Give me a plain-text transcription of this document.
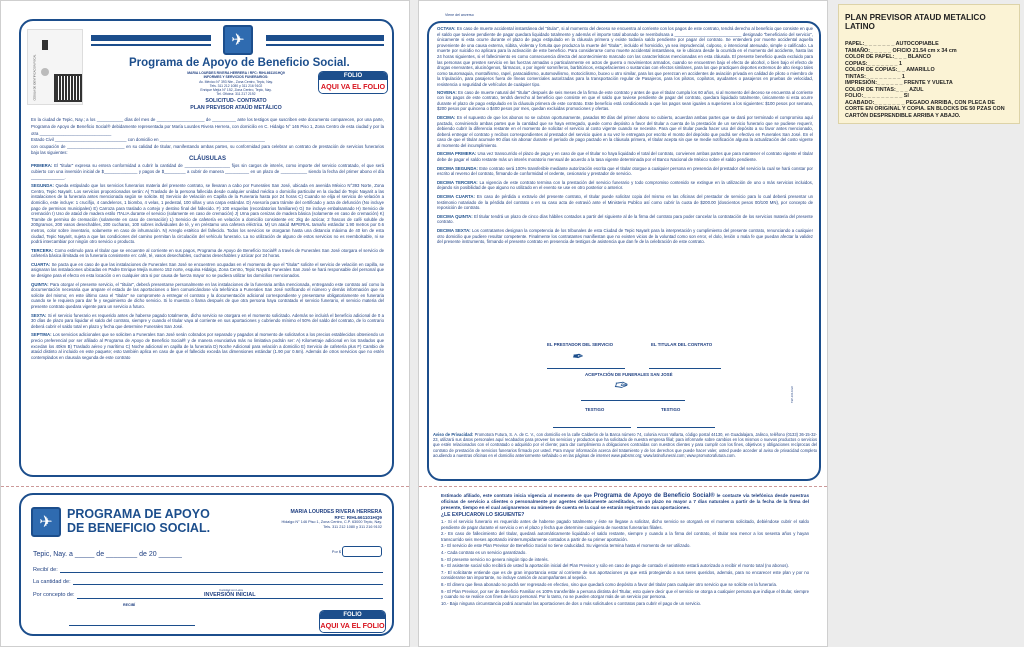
CEDULA DE IDENTIFICACION FISCAL
✈
Programa de Apoyo de Beneficio Social.
MARIA LOURDES RIVERA HERRERA / RFC: RIHL661101HQ9
INFORMES Y SERVICIOS FUNERARIOS:
Av. México N° 393 Nte., Zona Centro, Tepic, Nay.
Tels. 311 212 1080 y 311 216 9102
Enrique Mejía N° 152, Zona Centro, Tepic, Nay.
Tel. Oficina: 311 217 2192
SOLICITUD- CONTRATO
PLAN PREVISOR ATAÚD METÁLICO
FOLIO
AQUI VA EL FOLIO
En la ciudad de Tepic, Nay.; a los ___________ días del mes de ____________________ de __________ ante los testigos que suscriben este documento comparecen, por una parte, Programa de Apoyo de Beneficio Social® debidamente representada por María Lourdes Rivera Herrera, con domicilio en C. Hidalgo N° 146 Piso 1, Zona Centro de esta ciudad y por la otra ______________________________
Estado Civil ______________________________ con domicilio en ____________________________________________
con ocupación de ________________________ en su calidad de titular, manifestando ambas partes, su conformidad para celebrar un contrato de prestación de servicios funerarios bajo las siguientes:
CLÁUSULAS
PRIMERA: El "titular" expresa su entera conformidad a cubrir la cantidad de ___________________ fijos sin cargos de interés, como importe del servicio contratado, el que será cubierto con una inversión inicial de $______________ y pagos de $_________ a cubrir de manera __________ en un plazo de ___________ siendo la fecha del primer abono el día ______________.
SEGUNDA: Queda estipulado que los servicios funerarios materia del presente contrato, se llevaran a cabo por Funerales San José, ubicada en avenida México N°393 Norte, Zona Centro, Tepic Nayarit. Los servicios proporcionados serán: A) Traslado de la persona fallecida desde cualquier unidad médica o domicilio particular en la ciudad de Tepic Nayarit a las instalaciones de la funeraria antes mencionada según se solicite. B) Servicio de Velación en Capilla de la Funeraria hasta por 24 horas C) Cuando se elija el servicio de velación a domicilio, este incluye: 1 crucifijo, 4 candeleros, 1 biombo, 4 velas, 1 pedestal, 100 sillas y una carpa estándar. D) Asesoría para trámite del certificado y acta de defunción (No incluye pago de permisos municipales) E) Carroza para traslado a cortejo y destino final del fallecido. F) 100 esquelas (recordatorios familiares) G) Se incluye embalsamado H) Servicio de cremación I) Uso de ataúd de madera estilo ITALIA durante el servicio (solamente en caso de cremación) J) Urna para cenizas de madera básica (solamente en caso de cremación) K) Tramite de permiso de cremación (solamente en caso de cremación) L) Servicio de cafetería en velación a domicilio consistente en: 2kg de azúcar, 2 frascos de café soluble de 200gramos, 200 vasos desechables, 200 cucharas, 100 sobres individuales de té, y en préstamo una cafetera eléctrica. M) Un ataúd IMPERIAL tamaño estándar 1.90 metros por 0.6 metros, color sobre inventario, solamente en caso de inhumación. N) Arreglo estético del fallecido. Todos los servicios se otorgaran hasta una distancia máxima de 40 km de esta ciudad, Tepic Nayarit, sujeta a que las condiciones del camino permitan la circulación del vehículo funerario. La no utilización de alguno de estos servicios no es reembolsable, ni se podrá intercambiar por ningún otro servicio o producto.
TERCERA: Como estimulo para el titular que se encuentre al corriente en sus pagos, Programa de Apoyo de Beneficio Social® a través de Funerales San José otorgara el servicio de cafetería básica ilimitada en la funeraria consistente en: café, té, vasos desechables, cucharas desechables y azúcar por 24 horas.
CUARTA: Se pacta que en caso de que las instalaciones de Funerales San José se encuentren ocupadas en el momento de que el "titular" solicite el servicio de velación en capilla, se asignaran las instalaciones ubicadas en Padre Enrique Mejía numero 152 norte, esquina Hidalgo, Zona Centro, Tepic Nayarit. Funerales San José se hará responsable del personal que se designe para el efecto en esta locación o en cualquier otra si por causa de fuerza mayor no se pudiera utilizar los domicilios mencionados.
QUINTA: Para otorgar el presente servicio, el "titular", deberá presentarse personalmente en las instalaciones de la funeraria arriba mencionada, entregando este contrato así como la documentación necesaria que ampare el estado de las aportaciones o bien comunicándose vía telefónica a Funerales San José notificando el número y demás información que se solicite del mismo; en este último caso el "titular" se compromete a entregar el contrato y la documentación adicional correspondiente y presentarse obligatoriamente en funeraria cuando se le requiera para dar fe y seguimiento de dicho servicio. Si lo muestra o llama después de que otra persona haya contratado el servicio funerario, el servicio materia del presente contrato quedara vigente para un servicio a futuro.
SEXTA: Si el servicio funerario es requerido antes de haberse pagado totalmente, dicho servicio se otorgara en el momento solicitado. Además se incluirá el beneficio adicional de 0 a 30 días de plazo para liquidar el saldo del contrato, siempre y cuando el titular vaya al corriente en sus aportaciones y cubriendo mínimo el 50% del saldo del contrato, de lo contrario deberá cubrir el saldo total en plazo y fecha que determine Funerales San José.
SEPTIMA: Los servicios adicionales que se soliciten a Funerales San José serán cobrados por separado y pagados al momento de solicitarlos a los precios establecidos obteniendo un precio preferencial por ser afiliado al Programa de Apoyo de Beneficio Social® y de manera enunciativa más no limitativa podrán ser: A) Kilometraje adicional en los traslados que excedan los 40km B) Traslado aéreo y marítimo C) Noche adicional en capilla de la funeraria D) Noche Adicional para velación a domicilio E) Servicio de cafetería plus F) Cambio de ataúd distinto al incluido en este paquete; esto también aplica en caso de que el fallecido exceda las dimensiones estándar (1.90 por 0.6m). Además de otros servicios que no estén contemplados en clausula segunda de este contrato
✈	PROGRAMA DE APOYO
DE BENEFICIO SOCIAL.
MARIA LOURDES RIVERA HERRERA
RFC: RIHL661101HQ9
Hidalgo N° 146 Piso 1, Zona Centro, C.P. 63000 Tepic, Nay.
Tels. 311 212 1080 y 311 216 9102
Tepic, Nay. a _____ de ________ de 20 ______	Por $
Recibí de:
La cantidad de:
Cantidad con Letra
Por concepto de:	INVERSIÓN INICIAL
RECIBÍ
FOLIO
AQUI VA EL FOLIO
Viene del anverso
OCTAVA: En caso de muerte accidental instantánea del "titular", si al momento del deceso se encuentra al corriente con los pagos de este contrato, tendrá derecho al beneficio que consiste en que el saldo que tuviese pendiente de pagar quedara liquidado totalmente y además el importe total abonado se reembolsara a ____________________________ designado "beneficiario del servicio", únicamente si esta ocurre durante el plazo de pago estipulado en la cláusula primera y existe todavía saldo pendiente por pagar del contrato. Se entenderá por muerte accidental aquella proveniente de una causa externa, súbita, violenta y fortuita que produzca la muerte del "titular", incluido el homicidio, ya sea imprudencial, culposo, o intencional atenuado, simple o calificado. La muerte por suicidio no aplicara para la activación de este beneficio. Para considerarse como muerte accidental instantánea, se le ubicara desde la ocurrida en el momento del accidente, hasta las 24 horas siguientes, si el fallecimiento es como consecuencia directa del acontecimiento marcado con las características mencionadas en esta cláusula. El presente beneficio queda excluido para las personas que presten servicio en las fuerzas armadas o particularmente en actos de guerra o movimientos armados, cuando se encuentren bajo el efecto de alcohol, o bien bajo el efecto de drogas enervantes, alucinógenos, fármacos, o por ingerir somníferos, barbitúricos, estupefacientes o sustancias con efectos similares, para los que practiquen deportes extremos de alto riesgo tales como tauromaquia, montañismo, rapel, paracaidismo, automovilismo, motociclismo, buceo u otro similar, para los que perezcan en accidentes de aviación privada en calidad de piloto o miembro de la tripulación, para pasajeros fuera de líneas comerciales autorizadas para la transportación regular de Pasajeros, para los pilotos, copilotos, ayudantes o pasajeros en pruebas de velocidad, resistencia o seguridad de vehículos de cualquier tipo.
NOVENA: En caso de muerte natural del "titular" después de seis meses de la firma de este contrato y antes de que el titular cumpla los 60 años, si al momento del deceso se encuentra al corriente con los pagos de este contrato, tendrá derecho al beneficio que consiste en que el saldo que tuviese pendiente de pagar del contrato, quedara liquidado totalmente, únicamente si esta ocurre durante el plazo de pago estipulado en la cláusula primera de este contrato. Este beneficio está condicionado a que los pagos sean iguales a superiores a los siguientes: $100 pesos por semana, $200 pesos por quincena o $400 pesos por mes, quedan excluidas promociones y ofertas.
DECIMA: En el supuesto de que los abonos no se cubran oportunamente, pasados 90 días del primer abono no cubierto, acuerdan ambas partes que se dará por terminado el compromiso aquí pactado, conviniendo ambas partes que la cantidad que se haya entregado, quede como depósito a favor del titular a cuenta de la prestación de un servicio funerario que se pudiese requerir, debiendo cubrir la diferencia restante en el momento de solicitar el servicio al costo vigente cuando se necesite. Para que el titular pueda hacer uso del depósito a su favor antes mencionado, deberá entregar el contrato y recibos correspondientes al prestador del servicio quien a su vez le entregara por escrito el monto del depósito que podrá ser efectivo en Funerales San José. En el caso de que el titular acumule 90 días sin abonar durante el periodo de pago pactado en la cláusula primera, el titular acepta sin que se medie notificación alguna la actualización del costo vigente al momento del incumplimiento.
DECIMA PRIMERA: Una vez transcurrido el plazo de pago y en caso de que el titular no haya liquidado el total del contrato, convienen ambas partes que para mantener el contrato vigente el titular debe de pagar el saldo restante más un interés moratorio mensual de acuerdo a la tasa vigente determinada por el Banco Nacional de México sobre el saldo pendiente.
DECIMA SEGUNDA: Este contrato será 100% transferible mediante autorización escrita que el titular otorgue a cualquier persona en presencia del prestador del servicio la cual se hará constar por escrito al reverso del contrato, firmando de conformidad el cedente, cesionario y prestador de servicio.
DECIMA TERCERA: La vigencia de este contrato termina con la prestación del servicio funerario y todo compromiso contenido se extingue en la utilización de uno o más servicios incluidos, dejando sin posibilidad de que alguno no utilizado en el evento se use en otro posterior o anterior.
DECIMA CUARTA: En caso de pérdida o extravío del presente contrato, el titular puede solicitar copia del mismo en las oficinas del prestador de servicio para lo cual deberá presentar un testimonio notariado de la pérdida del contrato o en su caso acta de extravió ante el Ministerio Publico así como cubrir la cuota de $200.00 (doscientos pesos 00/100 MN), por concepto de reposición de contrato.
DECIMA QUINTA: El titular tendrá un plazo de cinco días hábiles contados a partir del siguiente al de la firma del contrato para poder cancelar la contratación de los servicios materia del presente contrato.
DECIMA SEXTA: Los contratantes designan la competencia de los tribunales de esta Ciudad de Tepic Nayarit para la interpretación y cumplimiento del presente contrato, renunciando a cualquier otro domicilio que pudiere resultar competente. Finalmente los contratantes manifiestan que no existen vicios de la voluntad como son error, el dolo, lesión o mala fe que puedan afectar la validez del presente instrumento, firmando el presente contrato en presencia de testigos de asistencia que dan fe de la celebración de este contrato.
EL PRESTADOR DEL SERVICIO	EL TITULAR DEL CONTRATO
✒
ACEPTACIÓN DE FUNERALES SAN JOSÉ
✑
TESTIGO	TESTIGO
TEP-100-1022
Aviso de Privacidad: Promotora Futura, S. A. de C. V., con domicilio en la calle Calderón de la Barca número 74, colonia Arcos Vallarta, código postal 44130, en Guadalajara, Jalisco, teléfono (0133) 36-15-32-23, utilizará sus datos personales aquí recabados para proveer los servicios y productos que ha solicitado de nuestra empresa filial; para informarle sobre cambios en los mismos o nuevos productos o servicios que estén relacionados con el contratado o adquirido por el cliente; para dar cumplimiento a obligaciones contraídas con nuestros clientes y para cumplir con los fines, objetivos y obligaciones recíprocas del contrato de prestación de servicios funerarios firmado por usted. Para mayor información acerca del tratamiento y de los derechos que puede hacer valer, usted puede acceder al aviso de privacidad completo acudiendo a nuestras oficinas en el domicilio anteriormente señalado o en las páginas de internet www.pabsmr.org; www.latinofuneral.com; www.promotorafutura.com.
Estimado afiliado, este contrato inicia vigencia al momento de que Programa de Apoyo de Beneficio Social® le contacte vía telefónica desde nuestras oficinas de servicio a clientes o personalmente por agentes debidamente acreditados, en un plazo no mayor a 7 días naturales a partir de la fecha de la firma del presente, tiempo en el cual asignaremos su número de cuenta en la cual se estarán registrando sus aportaciones.
¿LE EXPLICARON LO SIGUIENTE?
1.- Si el servicio funerario es requerido antes de haberse pagado totalmente y éste se llegase a solicitar, dicho servicio se otorgará en el momento solicitado, debiéndose cubrir el saldo pendiente de pagar durante el servicio o en el plazo y fecha que determine cualquiera de nuestras funerarias filiales.
2.- En caso de fallecimiento del titular, quedará automáticamente liquidado el saldo restante, siempre y cuando a la firma del contrato, el titular sea menor a los sesenta años y hayan transcurrido seis meses aportando ininterrumpidamente contados a partir de su primer aportación.
3.- El servicio de este Plan Previsor de Beneficio Social no tiene caducidad. Su vigencia termina hasta el momento de ser utilizado.
4.- Cada contrato es un servicio garantizado.
5.- El presente servicio no genera ningún tipo de interés.
6.- El asistente social sólo recibirá de usted la aportación inicial del Plan Previsor y sólo en caso de pago de contado el asistente estará autorizado a recibir el monto total (no abonos).
7.- El solicitante entiende que es de gran importancia estar al corriente de sus aportaciones ya que está protegiendo a sus seres queridos, además, para no encarecer este plan y por no considerarse tan importante, no incluye camión de acompañantes al sepelio.
8.- El dinero que lleva abonado no podrá ser regresado en efectivo, sino que quedará como depósito a favor del titular para cualquier otro servicio que se solicite en la funeraria.
9.- El Plan Previsor, por ser de Beneficio Familiar es 100% transferible a persona distinta del Titular, esto quiere decir que el servicio se otorga a cualquier persona que indique el titular, siempre y cuando no se realice con fines de lucro personal. Por lo tanto, no se pueden otorgar más de un servicio por persona.
10.- Bajo ninguna circunstancia podrá acumular las aportaciones de dos o más solicitudes o contratos para cubrir el pago de un servicio.
PLAN PREVISOR ATAUD METALICO LATINO
PAPEL:_ _ _ _ _ _ _ AUTOCOPIABLE
TAMAÑO:_ _ _ _ _ OFICIO 21.54 cm x 34 cm
COLOR DE PAPEL:_ _ _ BLANCO
COPIAS:_ _ _ _ _ _ _ 1
COLOR DE COPIAS:_ _ AMARILLO
TINTAS:_ _ _ _ _ _ _ _ 1
IMPRESIÓN:_ _ _ _ _ _ FRENTE Y VUELTA
COLOR DE TINTAS:_ _ _ AZUL
FOLIO:_ _ _ _ _ _ _ _ _ SI
ACABADO:_ _ _ _ _ _ _ PEGADO ARRIBA, CON PLECA DE CORTE EN ORIGINAL Y COPIA. EN BLOCKS DE 50 PZAS CON CARTÓN DESPRENDIBLE ARRIBA Y ABAJO.
